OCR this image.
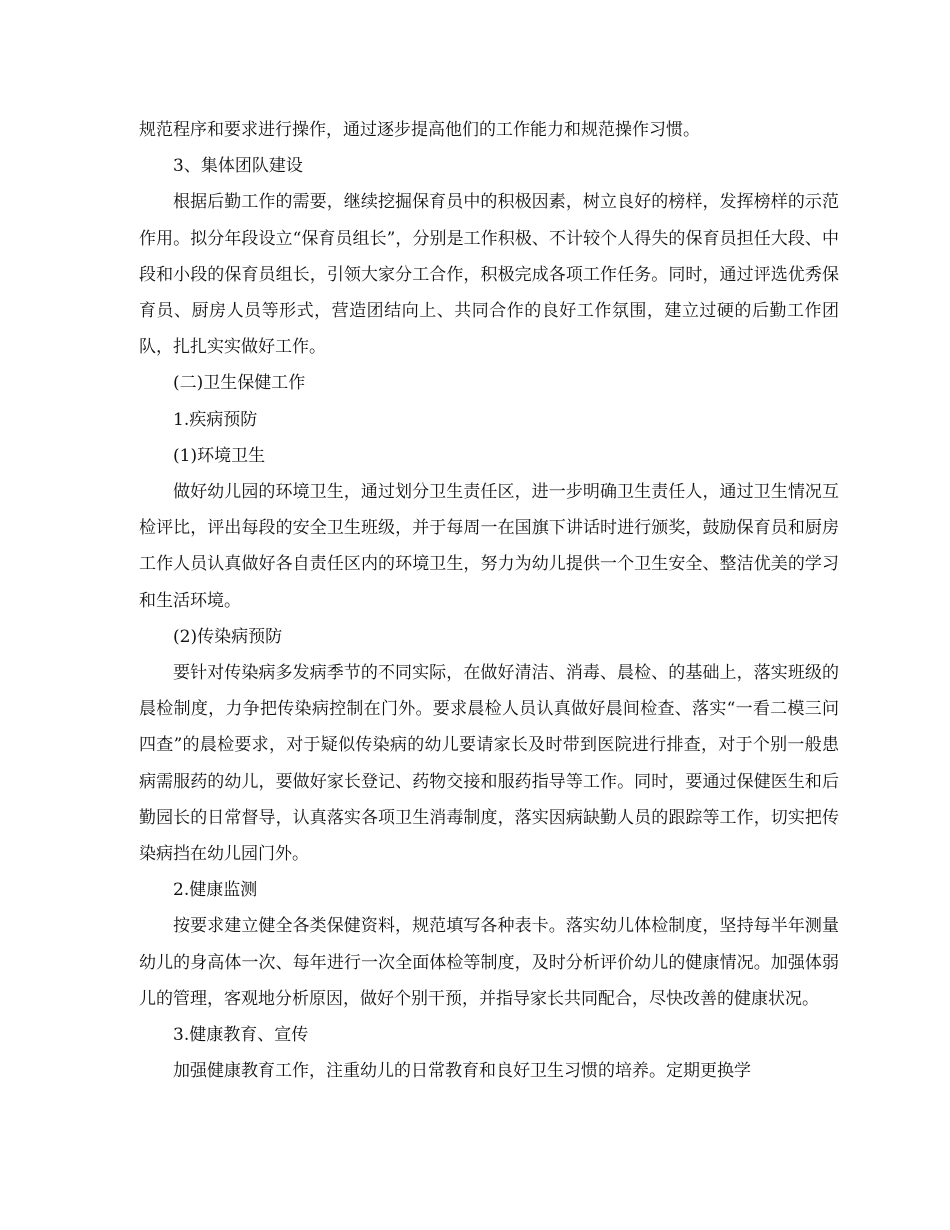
规范程序和要求进行操作，通过逐步提高他们的工作能力和规范操作习惯。

3、集体团队建设

根据后勤工作的需要，继续挖掘保育员中的积极因素，树立良好的榜样，发挥榜样的示范作用。拟分年段设立“保育员组长”，分别是工作积极、不计较个人得失的保育员担任大段、中段和小段的保育员组长，引领大家分工合作，积极完成各项工作任务。同时，通过评选优秀保育员、厨房人员等形式，营造团结向上、共同合作的良好工作氛围，建立过硬的后勤工作团队，扎扎实实做好工作。

(二)卫生保健工作

1.疾病预防

(1)环境卫生

做好幼儿园的环境卫生，通过划分卫生责任区，进一步明确卫生责任人，通过卫生情况互检评比，评出每段的安全卫生班级，并于每周一在国旗下讲话时进行颁奖，鼓励保育员和厨房工作人员认真做好各自责任区内的环境卫生，努力为幼儿提供一个卫生安全、整洁优美的学习和生活环境。

(2)传染病预防

要针对传染病多发病季节的不同实际，在做好清洁、消毒、晨检、的基础上，落实班级的晨检制度，力争把传染病控制在门外。要求晨检人员认真做好晨间检查、落实“一看二模三问四查”的晨检要求，对于疑似传染病的幼儿要请家长及时带到医院进行排查，对于个别一般患病需服药的幼儿，要做好家长登记、药物交接和服药指导等工作。同时，要通过保健医生和后勤园长的日常督导，认真落实各项卫生消毒制度，落实因病缺勤人员的跟踪等工作，切实把传染病挡在幼儿园门外。

2.健康监测

按要求建立健全各类保健资料，规范填写各种表卡。落实幼儿体检制度，坚持每半年测量幼儿的身高体一次、每年进行一次全面体检等制度，及时分析评价幼儿的健康情况。加强体弱儿的管理，客观地分析原因，做好个别干预，并指导家长共同配合，尽快改善的健康状况。

3.健康教育、宣传

加强健康教育工作，注重幼儿的日常教育和良好卫生习惯的培养。定期更换学
